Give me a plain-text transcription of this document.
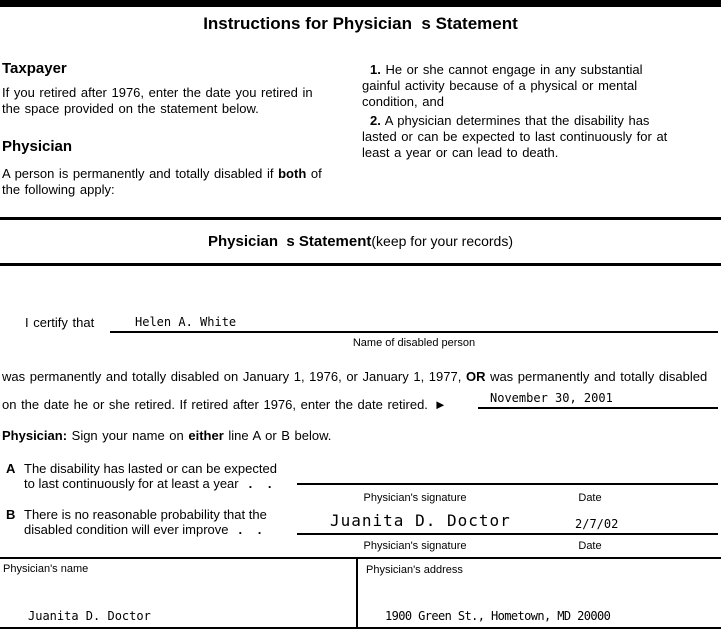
Instructions for Physician  s Statement
Taxpayer
If you retired after 1976, enter the date you retired in
the space provided on the statement below.
Physician
A person is permanently and totally disabled if both of
the following apply:
1. He or she cannot engage in any substantial
gainful activity because of a physical or mental
condition, and
2. A physician determines that the disability has
lasted or can be expected to last continuously for at
least a year or can lead to death.
Physician  s Statement(keep for your records)
I certify that	Helen A. White
Name of disabled person
was permanently and totally disabled on January 1, 1976, or January 1, 1977, OR was permanently and totally disabled
on the date he or she retired. If retired after 1976, enter the date retired. ►	November 30, 2001
Physician: Sign your name on either line A or B below.
A The disability has lasted or can be expected
to last continuously for at least a year . .
Physician's signature	Date
B There is no reasonable probability that the
disabled condition will ever improve . .	Juanita D. Doctor	2/7/02
Physician's signature	Date
Physician's name
Juanita D. Doctor
Physician's address
1900 Green St., Hometown, MD 20000
